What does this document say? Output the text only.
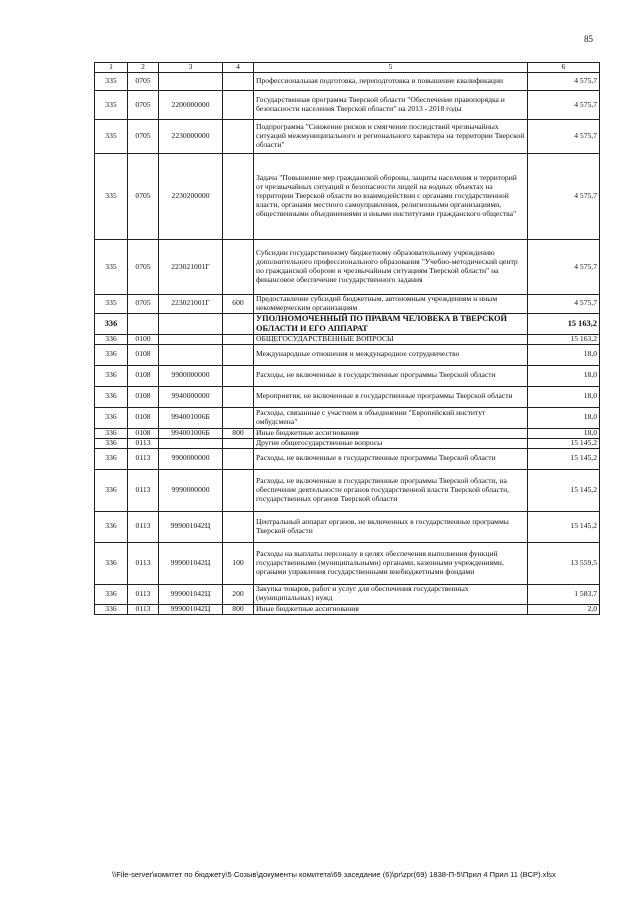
85
1	2	3	4	5	6
335	0705			Профессиональная подготовка, переподготовка и повышение квалификации	4 575,7
335	0705	2200000000		Государственная программа Тверской области "Обеспечение правопорядка и безопасности населения Тверской области" на 2013 - 2018 годы	4 575,7
335	0705	2230000000		Подпрограмма "Снижение рисков и смягчение последствий чрезвычайных ситуаций межмуниципального и регионального характера на территории Тверской области"	4 575,7
335	0705	2230200000		Задача "Повышение мер гражданской обороны, защиты населения и территорий от чрезвычайных ситуаций и безопасности людей на водных объектах на территории Тверской области во взаимодействии с органами государственной власти, органами местного самоуправления, религиозными организациями, общественными объединениями и иными институтами гражданского общества"	4 575,7
335	0705	223021001Г		Субсидии государственному бюджетному образовательному учреждению дополнительного профессионального образования "Учебно-методический центр по гражданской обороне и чрезвычайным ситуациям Тверской области" на финансовое обеспечение государственного задания	4 575,7
335	0705	223021001Г	600	Предоставление субсидий бюджетным, автономным учреждениям и иным некоммерческим организациям	4 575,7
336				УПОЛНОМОЧЕННЫЙ ПО ПРАВАМ ЧЕЛОВЕКА В ТВЕРСКОЙ ОБЛАСТИ И ЕГО АППАРАТ	15 163,2
336	0100			ОБЩЕГОСУДАРСТВЕННЫЕ ВОПРОСЫ	15 163,2
336	0108			Международные отношения и международное сотрудничество	18,0
336	0108	9900000000		Расходы, не включенные в государственные программы Тверской области	18,0
336	0108	9940000000		Мероприятия, не включенные в государственные программы Тверской области	18,0
336	0108	994001006Б		Расходы, связанные с участием в объединении "Европейский институт омбудсмена"	18,0
336	0108	994001006Б	800	Иные бюджетные ассигнования	18,0
336	0113			Другие общегосударственные вопросы	15 145,2
336	0113	9900000000		Расходы, не включенные в государственные программы Тверской области	15 145,2
336	0113	9990000000		Расходы, не включенные в государственные программы Тверской области, на обеспечение деятельности органов государственной власти Тверской области, государственных органов Тверской области	15 145,2
336	0113	999001042Ц		Центральный аппарат органов, не включенных в государственные программы Тверской области	15 145,2
336	0113	999001042Ц	100	Расходы на выплаты персоналу в целях обеспечения выполнения функций государственными (муниципальными) органами, казенными учреждениями, органами управления государственными внебюджетными фондами	13 559,5
336	0113	999001042Ц	200	Закупка товаров, работ и услуг для обеспечения государственных (муниципальных) нужд	1 583,7
336	0113	999001042Ц	800	Иные бюджетные ассигнования	2,0
\\File-server\комитет по бюджету\5 Созыв\документы комитета\69 заседание (6)\pr\zpr(69) 1838-П-5\Прил 4 Прил 11 (ВСР).xlsx
